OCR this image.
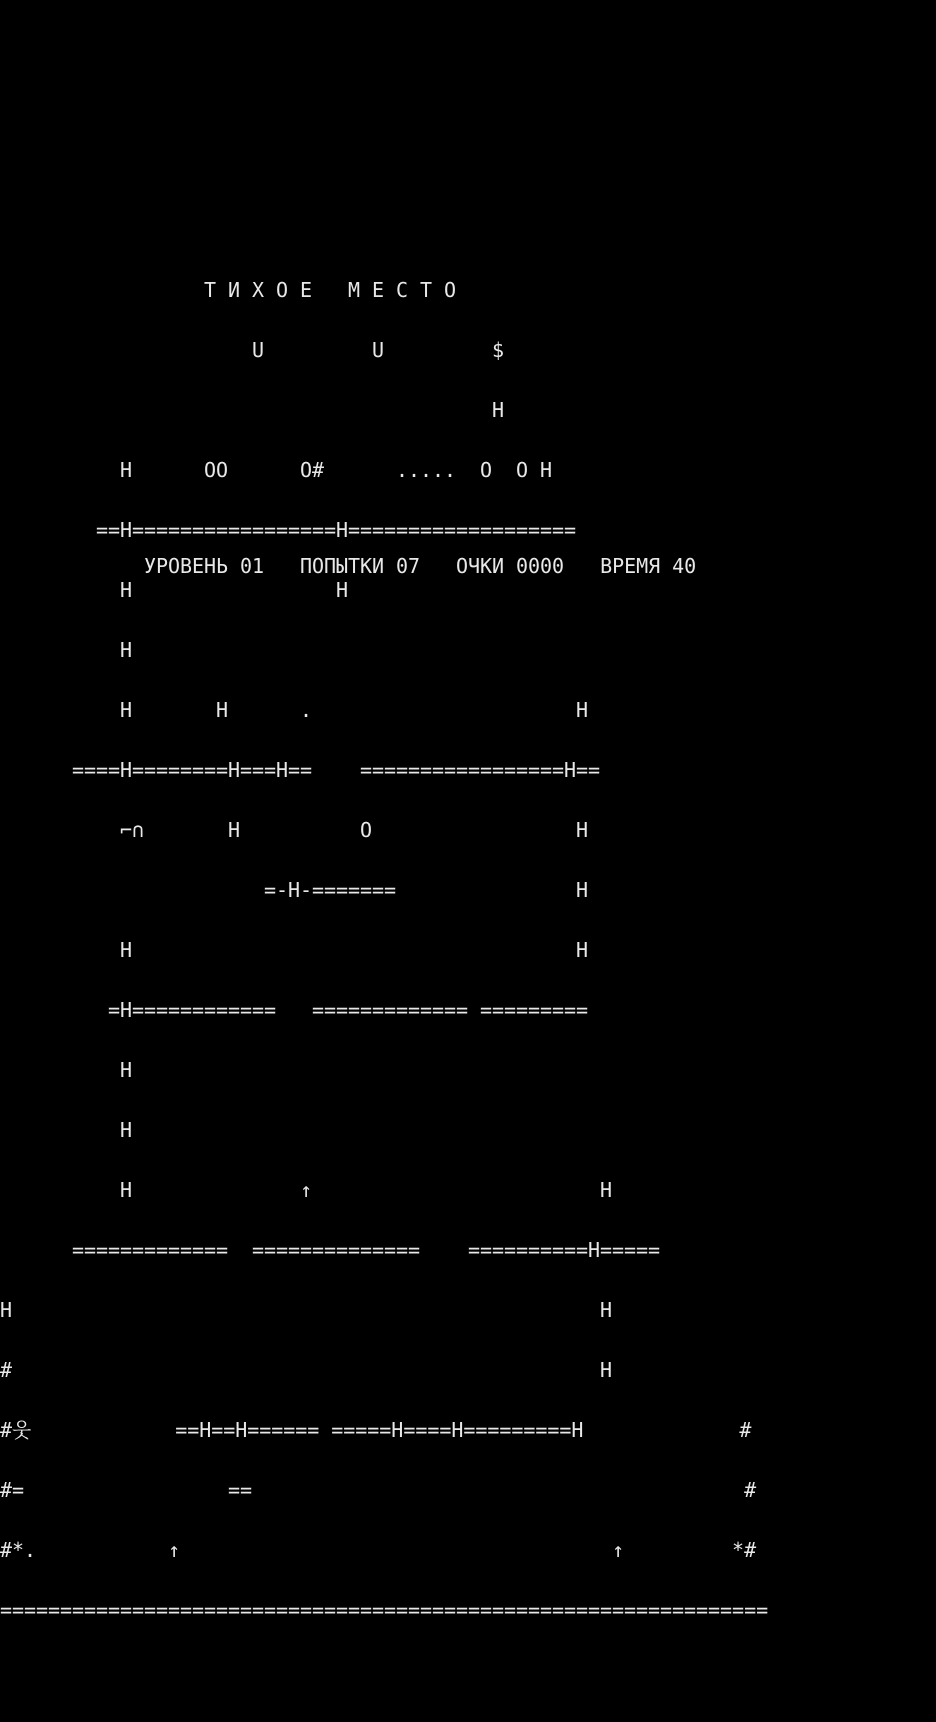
Т И Х О Е   М Е С Т О

U         U         $

H

H      OO      O#      .....  O  O H

==H=================H===================

H                 H

H

H       H      .                      H

====H========H===H==    =================H==

⌐∩       H          O                 H

=-H-=======               H

H                                     H

=H============   ============= =========

H

H

H              ↑                        H

=============  ==============    ==========H=====

H                                                 H

#                                                 H

#웃            ==H==H====== =====H====H=========H             #

#=                 ==                                         #

#*.           ↑                                    ↑         *#

================================================================

УРОВЕНЬ 01 ПОПЫТКИ 07 ОЧКИ 0000 ВРЕМЯ 40
